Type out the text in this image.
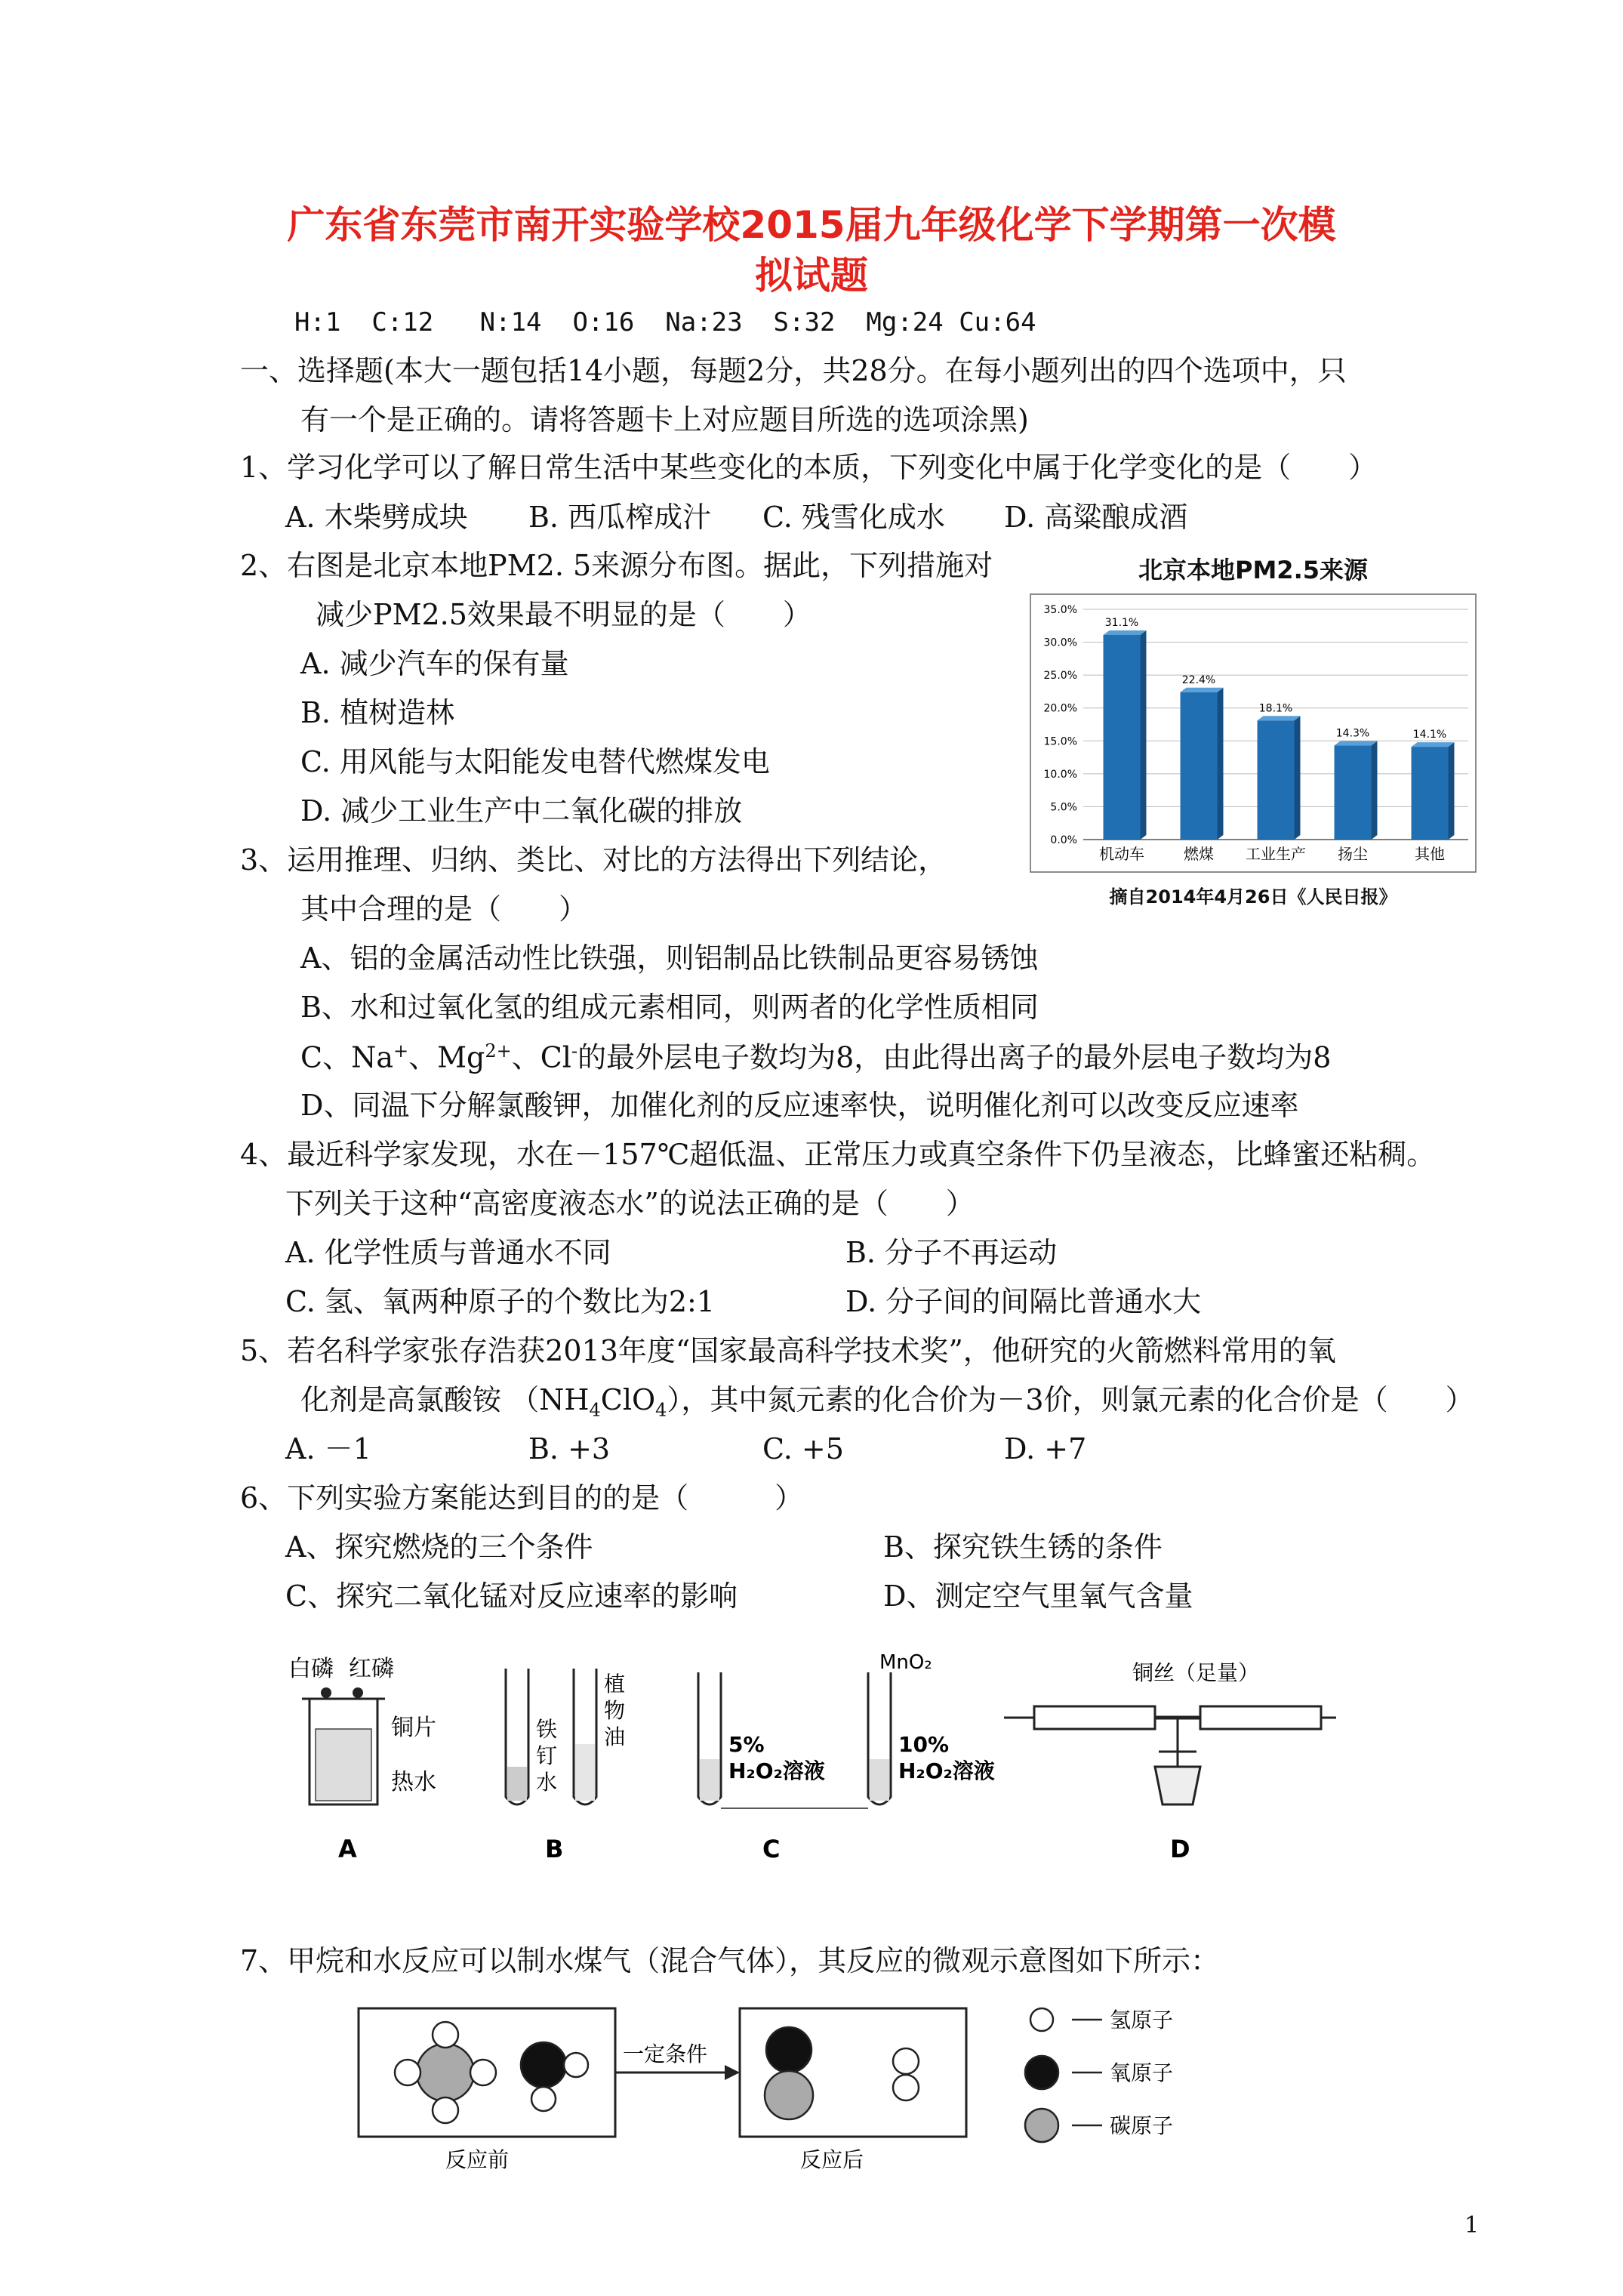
广东省东莞市南开实验学校2015届九年级化学下学期第一次模
拟试题
H:1  C:12   N:14  O:16  Na:23  S:32  Mg:24 Cu:64
一、选择题(本大一题包括14小题，每题2分，共28分。在每小题列出的四个选项中，只
有一个是正确的。请将答题卡上对应题目所选的选项涂黑)
1、学习化学可以了解日常生活中某些变化的本质，下列变化中属于化学变化的是（　　）
A. 木柴劈成块 B. 西瓜榨成汁 C. 残雪化成水 D. 高粱酿成酒
2、右图是北京本地PM2. 5来源分布图。据此，下列措施对
减少PM2.5效果最不明显的是（　　）
A. 减少汽车的保有量
B. 植树造林
C. 用风能与太阳能发电替代燃煤发电
D. 减少工业生产中二氧化碳的排放
北京本地PM2.5来源
0.0%
5.0%
10.0%
15.0%
20.0%
25.0%
30.0%
35.0%
31.1%
机动车
22.4%
燃煤
18.1%
工业生产
14.3%
扬尘
14.1%
其他
摘自2014年4月26日《人民日报》
3、运用推理、归纳、类比、对比的方法得出下列结论，
其中合理的是（　　）
A、铝的金属活动性比铁强，则铝制品比铁制品更容易锈蚀
B、水和过氧化氢的组成元素相同，则两者的化学性质相同
C、Na+、$Mg^{2+}$、Cl-的最外层电子数均为8，由此得出离子的最外层电子数均为8
D、同温下分解氯酸钾，加催化剂的反应速率快，说明催化剂可以改变反应速率
4、最近科学家发现，水在－157℃超低温、正常压力或真空条件下仍呈液态，比蜂蜜还粘稠。
下列关于这种“高密度液态水”的说法正确的是（　　）
A. 化学性质与普通水不同	B. 分子不再运动
C. 氢、氧两种原子的个数比为2:1	D. 分子间的间隔比普通水大
5、若名科学家张存浩获2013年度“国家最高科学技术奖”，他研究的火箭燃料常用的氧
化剂是高氯酸铵 $(NH_4ClO_4)$，其中氮元素的化合价为－3价，则氯元素的化合价是（　　）
A. －1	B. +3	C. +5	D. +7
6、下列实验方案能达到目的的是（　　　）
A、探究燃烧的三个条件	B、探究铁生锈的条件
C、探究二氧化锰对反应速率的影响	D、测定空气里氧气含量
白磷 红磷
铜片
热水
A
铁
钉
水
植
物
油
B
5%
H₂O₂溶液
10%
H₂O₂溶液
MnO₂
C
铜丝（足量）
D
7、甲烷和水反应可以制水煤气（混合气体），其反应的微观示意图如下所示：
一定条件
反应前	反应后
氢原子
氧原子
碳原子
1
